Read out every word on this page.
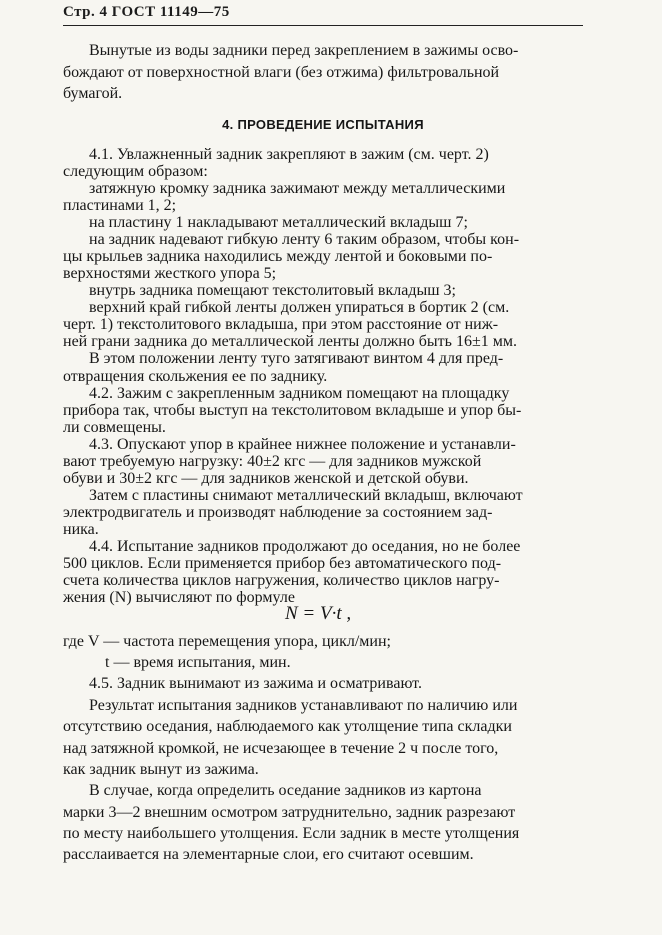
Стр. 4 ГОСТ 11149—75
Вынутые из воды задники перед закреплением в зажимы осво-
бождают от поверхностной влаги (без отжима) фильтровальной
бумагой.
4. ПРОВЕДЕНИЕ ИСПЫТАНИЯ
4.1. Увлажненный задник закрепляют в зажим (см. черт. 2)
следующим образом:
затяжную кромку задника зажимают между металлическими
пластинами 1, 2;
на пластину 1 накладывают металлический вкладыш 7;
на задник надевают гибкую ленту 6 таким образом, чтобы кон-
цы крыльев задника находились между лентой и боковыми по-
верхностями жесткого упора 5;
внутрь задника помещают текстолитовый вкладыш 3;
верхний край гибкой ленты должен упираться в бортик 2 (см.
черт. 1) текстолитового вкладыша, при этом расстояние от ниж-
ней грани задника до металлической ленты должно быть 16±1 мм.
В этом положении ленту туго затягивают винтом 4 для пред-
отвращения скольжения ее по заднику.
4.2. Зажим с закрепленным задником помещают на площадку
прибора так, чтобы выступ на текстолитовом вкладыше и упор бы-
ли совмещены.
4.3. Опускают упор в крайнее нижнее положение и устанавли-
вают требуемую нагрузку: 40±2 кгс — для задников мужской
обуви и 30±2 кгс — для задников женской и детской обуви.
Затем с пластины снимают металлический вкладыш, включают
электродвигатель и производят наблюдение за состоянием зад-
ника.
4.4. Испытание задников продолжают до оседания, но не более
500 циклов. Если применяется прибор без автоматического под-
счета количества циклов нагружения, количество циклов нагру-
жения (N) вычисляют по формуле
N = V·t ,
где V — частота перемещения упора, цикл/мин;
t — время испытания, мин.
4.5. Задник вынимают из зажима и осматривают.
Результат испытания задников устанавливают по наличию или
отсутствию оседания, наблюдаемого как утолщение типа складки
над затяжной кромкой, не исчезающее в течение 2 ч после того,
как задник вынут из зажима.
В случае, когда определить оседание задников из картона
марки 3—2 внешним осмотром затруднительно, задник разрезают
по месту наибольшего утолщения. Если задник в месте утолщения
расслаивается на элементарные слои, его считают осевшим.
